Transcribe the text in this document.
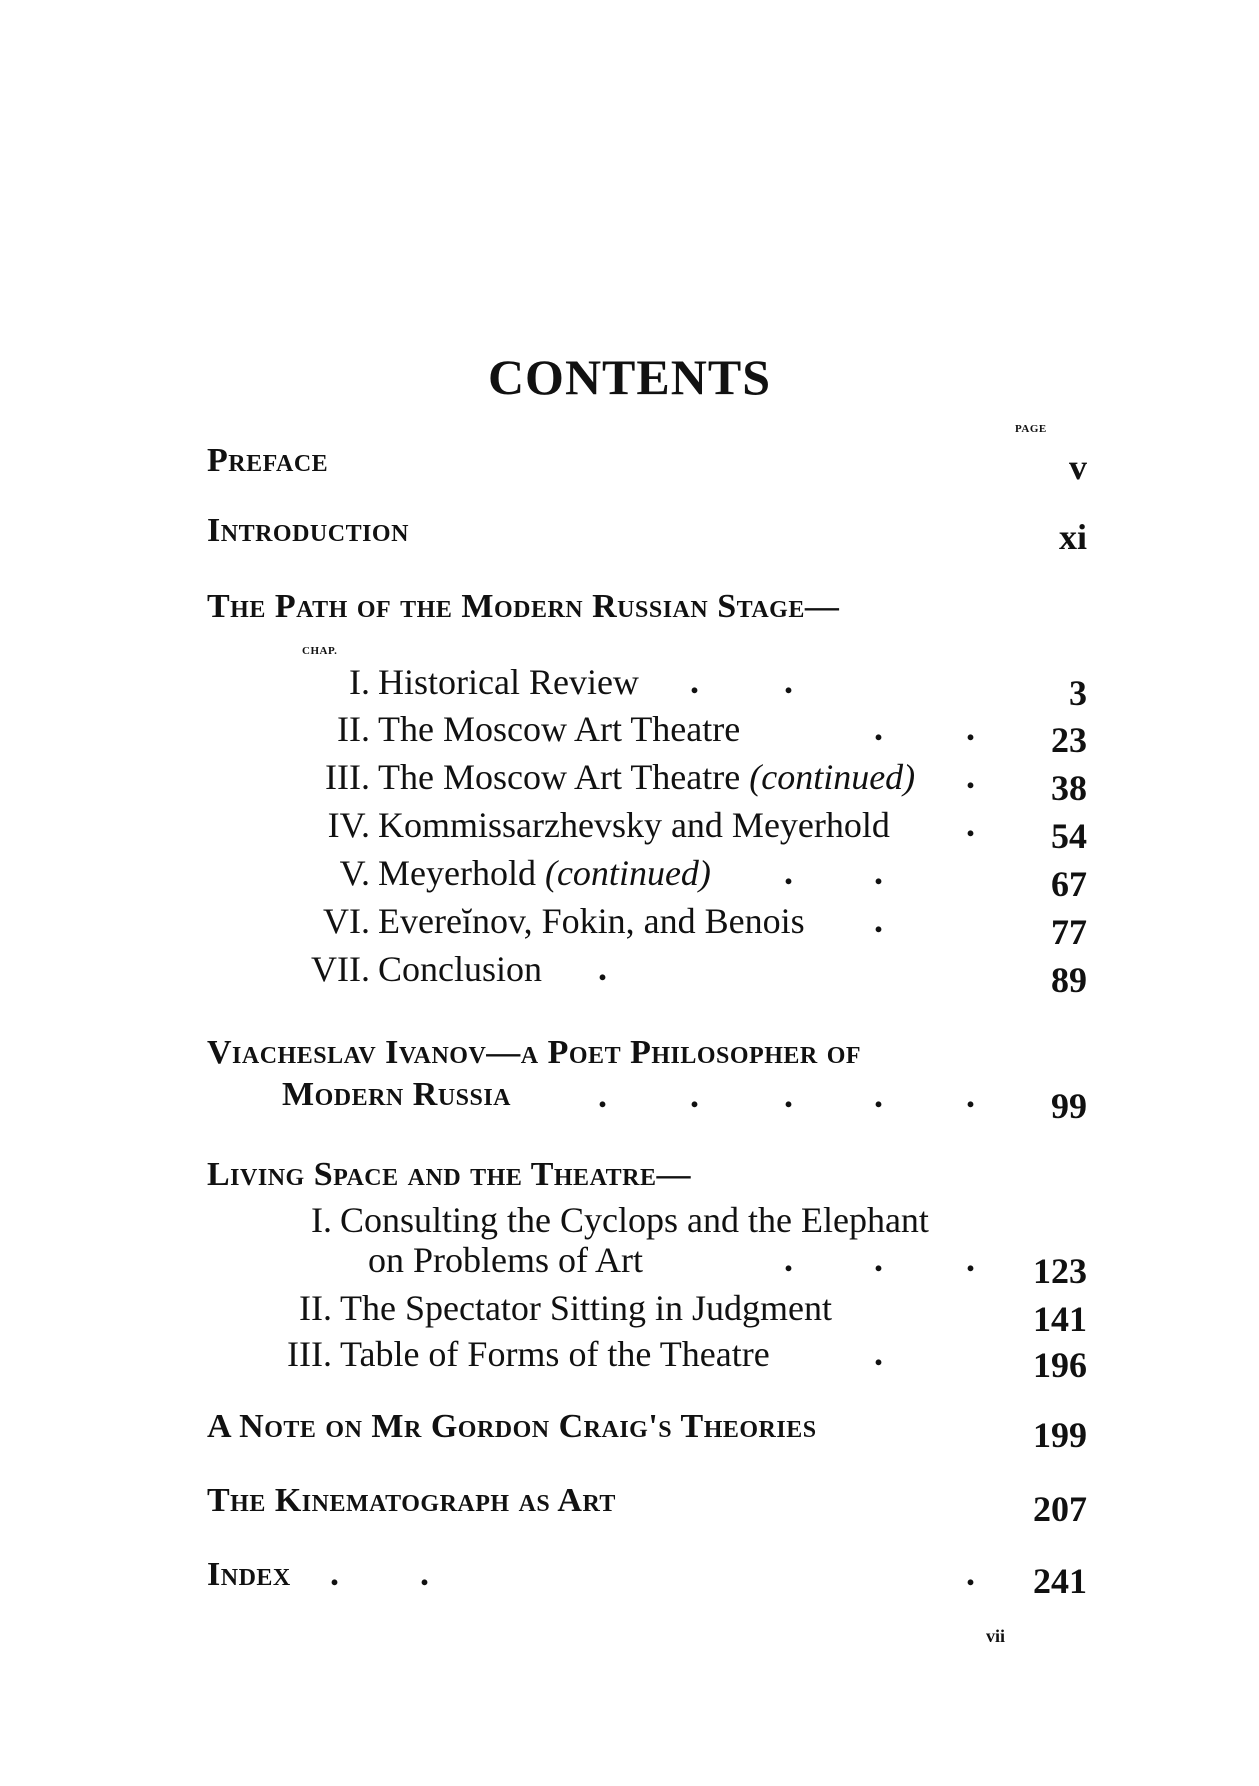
CONTENTS
PAGE
Preface	v
Introduction	xi
The Path of the Modern Russian Stage—
CHAP.
I. Historical Review . .	3
II. The Moscow Art Theatre	. . 23
III. The Moscow Art Theatre (continued) . 38
IV. Kommissarzhevsky and Meyerhold . 54
V. Meyerhold (continued) . .	67
VI. Evereĭnov, Fokin, and Benois .	77
VII. Conclusion .	89
Viacheslav Ivanov—a Poet Philosopher of
Modern Russia . . . . . 99
Living Space and the Theatre—
I. Consulting the Cyclops and the Elephant
on Problems of Art	. . . 123
II. The Spectator Sitting in Judgment	141
III. Table of Forms of the Theatre	.	196
A Note on Mr Gordon Craig's Theories	199
The Kinematograph as Art	207
Index . .	. 241
vii
